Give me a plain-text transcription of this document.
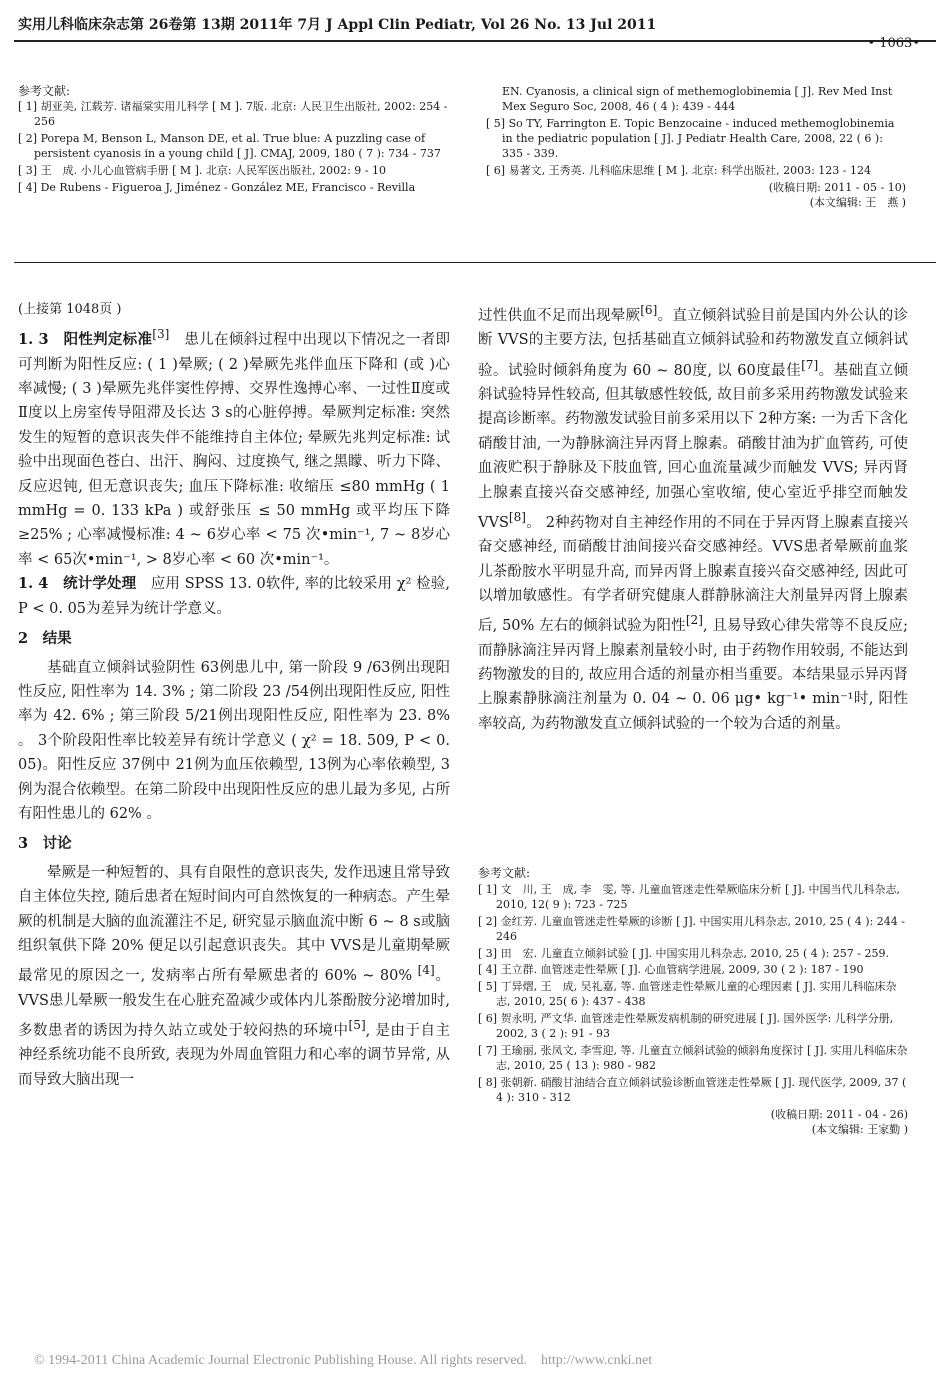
实用儿科临床杂志第 26卷第 13期 2011年 7月 J Appl Clin Pediatr, Vol 26 No. 13 Jul 2011
• 1063•
参考文献:
[ 1] 胡亚美, 江载芳. 诸福棠实用儿科学 [ M ]. 7版. 北京: 人民卫生出版社, 2002: 254 - 256
[ 2] Porepa M, Benson L, Manson DE, et al. True blue: A puzzling case of persistent cyanosis in a young child [ J]. CMAJ, 2009, 180 ( 7 ): 734 - 737
[ 3] 王　成. 小儿心血管病手册 [ M ]. 北京: 人民军医出版社, 2002: 9 - 10
[ 4] De Rubens - Figueroa J, Jiménez - González ME, Francisco - Revilla
EN. Cyanosis, a clinical sign of methemoglobinemia [ J]. Rev Med Inst Mex Seguro Soc, 2008, 46 ( 4 ): 439 - 444
[ 5] So TY, Farrington E. Topic Benzocaine - induced methemoglobinemia in the pediatric population [ J]. J Pediatr Health Care, 2008, 22 ( 6 ): 335 - 339.
[ 6] 易著文, 王秀英. 儿科临床思维 [ M ]. 北京: 科学出版社, 2003: 123 - 124
(收稿日期: 2011 - 05 - 10)
(本文编辑: 王　燕 )

(上接第 1048页 )

1. 3　阳性判定标准[3]　患儿在倾斜过程中出现以下情况之一者即可判断为阳性反应: ( 1 )晕厥; ( 2 )晕厥先兆伴血压下降和 (或 )心率减慢; ( 3 )晕厥先兆伴窦性停搏、交界性逸搏心率、一过性Ⅱ度或Ⅱ度以上房室传导阻滞及长达 3 s的心脏停搏。晕厥判定标准: 突然发生的短暂的意识丧失伴不能维持自主体位; 晕厥先兆判定标准: 试验中出现面色苍白、出汗、胸闷、过度换气, 继之黑矇、听力下降、反应迟钝, 但无意识丧失; 血压下降标准: 收缩压 ≤80 mmHg ( 1 mmHg = 0. 133 kPa ) 或舒张压 ≤ 50 mmHg 或平均压下降 ≥25% ; 心率减慢标准: 4 ~ 6岁心率 < 75 次•min⁻¹, 7 ~ 8岁心率 < 65次•min⁻¹, > 8岁心率 < 60 次•min⁻¹。

1. 4　统计学处理　应用 SPSS 13. 0软件, 率的比较采用 χ² 检验, P < 0. 05为差异为统计学意义。

2　结果

基础直立倾斜试验阴性 63例患儿中, 第一阶段 9 /63例出现阳性反应, 阳性率为 14. 3% ; 第二阶段 23 /54例出现阳性反应, 阳性率为 42. 6% ; 第三阶段 5/21例出现阳性反应, 阳性率为 23. 8% 。 3个阶段阳性率比较差异有统计学意义 ( χ² = 18. 509, P < 0. 05)。阳性反应 37例中 21例为血压依赖型, 13例为心率依赖型, 3例为混合依赖型。在第二阶段中出现阳性反应的患儿最为多见, 占所有阳性患儿的 62% 。

3　讨论

晕厥是一种短暂的、具有自限性的意识丧失, 发作迅速且常导致自主体位失控, 随后患者在短时间内可自然恢复的一种病态。产生晕厥的机制是大脑的血流灌注不足, 研究显示脑血流中断 6 ~ 8 s或脑组织氧供下降 20% 便足以引起意识丧失。其中 VVS是儿童期晕厥最常见的原因之一, 发病率占所有晕厥患者的 60% ~ 80% [4]。VVS患儿晕厥一般发生在心脏充盈减少或体内儿茶酚胺分泌增加时, 多数患者的诱因为持久站立或处于较闷热的环境中[5], 是由于自主神经系统功能不良所致, 表现为外周血管阻力和心率的调节异常, 从而导致大脑出现一

过性供血不足而出现晕厥[6]。直立倾斜试验目前是国内外公认的诊断 VVS的主要方法, 包括基础直立倾斜试验和药物激发直立倾斜试验。试验时倾斜角度为 60 ~ 80度, 以 60度最佳[7]。基础直立倾斜试验特异性较高, 但其敏感性较低, 故目前多采用药物激发试验来提高诊断率。药物激发试验目前多采用以下 2种方案: 一为舌下含化硝酸甘油, 一为静脉滴注异丙肾上腺素。硝酸甘油为扩血管药, 可使血液贮积于静脉及下肢血管, 回心血流量减少而触发 VVS; 异丙肾上腺素直接兴奋交感神经, 加强心室收缩, 使心室近乎排空而触发 VVS[8]。 2种药物对自主神经作用的不同在于异丙肾上腺素直接兴奋交感神经, 而硝酸甘油间接兴奋交感神经。VVS患者晕厥前血浆儿茶酚胺水平明显升高, 而异丙肾上腺素直接兴奋交感神经, 因此可以增加敏感性。有学者研究健康人群静脉滴注大剂量异丙肾上腺素后, 50% 左右的倾斜试验为阳性[2], 且易导致心律失常等不良反应; 而静脉滴注异丙肾上腺素剂量较小时, 由于药物作用较弱, 不能达到药物激发的目的, 故应用合适的剂量亦相当重要。本结果显示异丙肾上腺素静脉滴注剂量为 0. 04 ~ 0. 06 μg• kg⁻¹• min⁻¹时, 阳性率较高, 为药物激发直立倾斜试验的一个较为合适的剂量。

参考文献:
[ 1] 文　川, 王　成, 李　雯, 等. 儿童血管迷走性晕厥临床分析 [ J]. 中国当代儿科杂志, 2010, 12( 9 ): 723 - 725
[ 2] 金红芳. 儿童血管迷走性晕厥的诊断 [ J]. 中国实用儿科杂志, 2010, 25 ( 4 ): 244 - 246
[ 3] 田　宏. 儿童直立倾斜试验 [ J]. 中国实用儿科杂志, 2010, 25 ( 4 ): 257 - 259.
[ 4] 王立群. 血管迷走性晕厥 [ J]. 心血管病学进展, 2009, 30 ( 2 ): 187 - 190
[ 5] 丁异熠, 王　成, 吴礼嘉, 等. 血管迷走性晕厥儿童的心理因素 [ J]. 实用儿科临床杂志, 2010, 25( 6 ): 437 - 438
[ 6] 贺永明, 严文华. 血管迷走性晕厥发病机制的研究进展 [ J]. 国外医学: 儿科学分册, 2002, 3 ( 2 ): 91 - 93
[ 7] 王瑜丽, 张凤文, 李雪迎, 等. 儿童直立倾斜试验的倾斜角度探讨 [ J]. 实用儿科临床杂志, 2010, 25 ( 13 ): 980 - 982
[ 8] 张朝新. 硝酸甘油结合直立倾斜试验诊断血管迷走性晕厥 [ J]. 现代医学, 2009, 37 ( 4 ): 310 - 312
(收稿日期: 2011 - 04 - 26)
(本文编辑: 王家勤 )
© 1994-2011 China Academic Journal Electronic Publishing House. All rights reserved.　http://www.cnki.net
